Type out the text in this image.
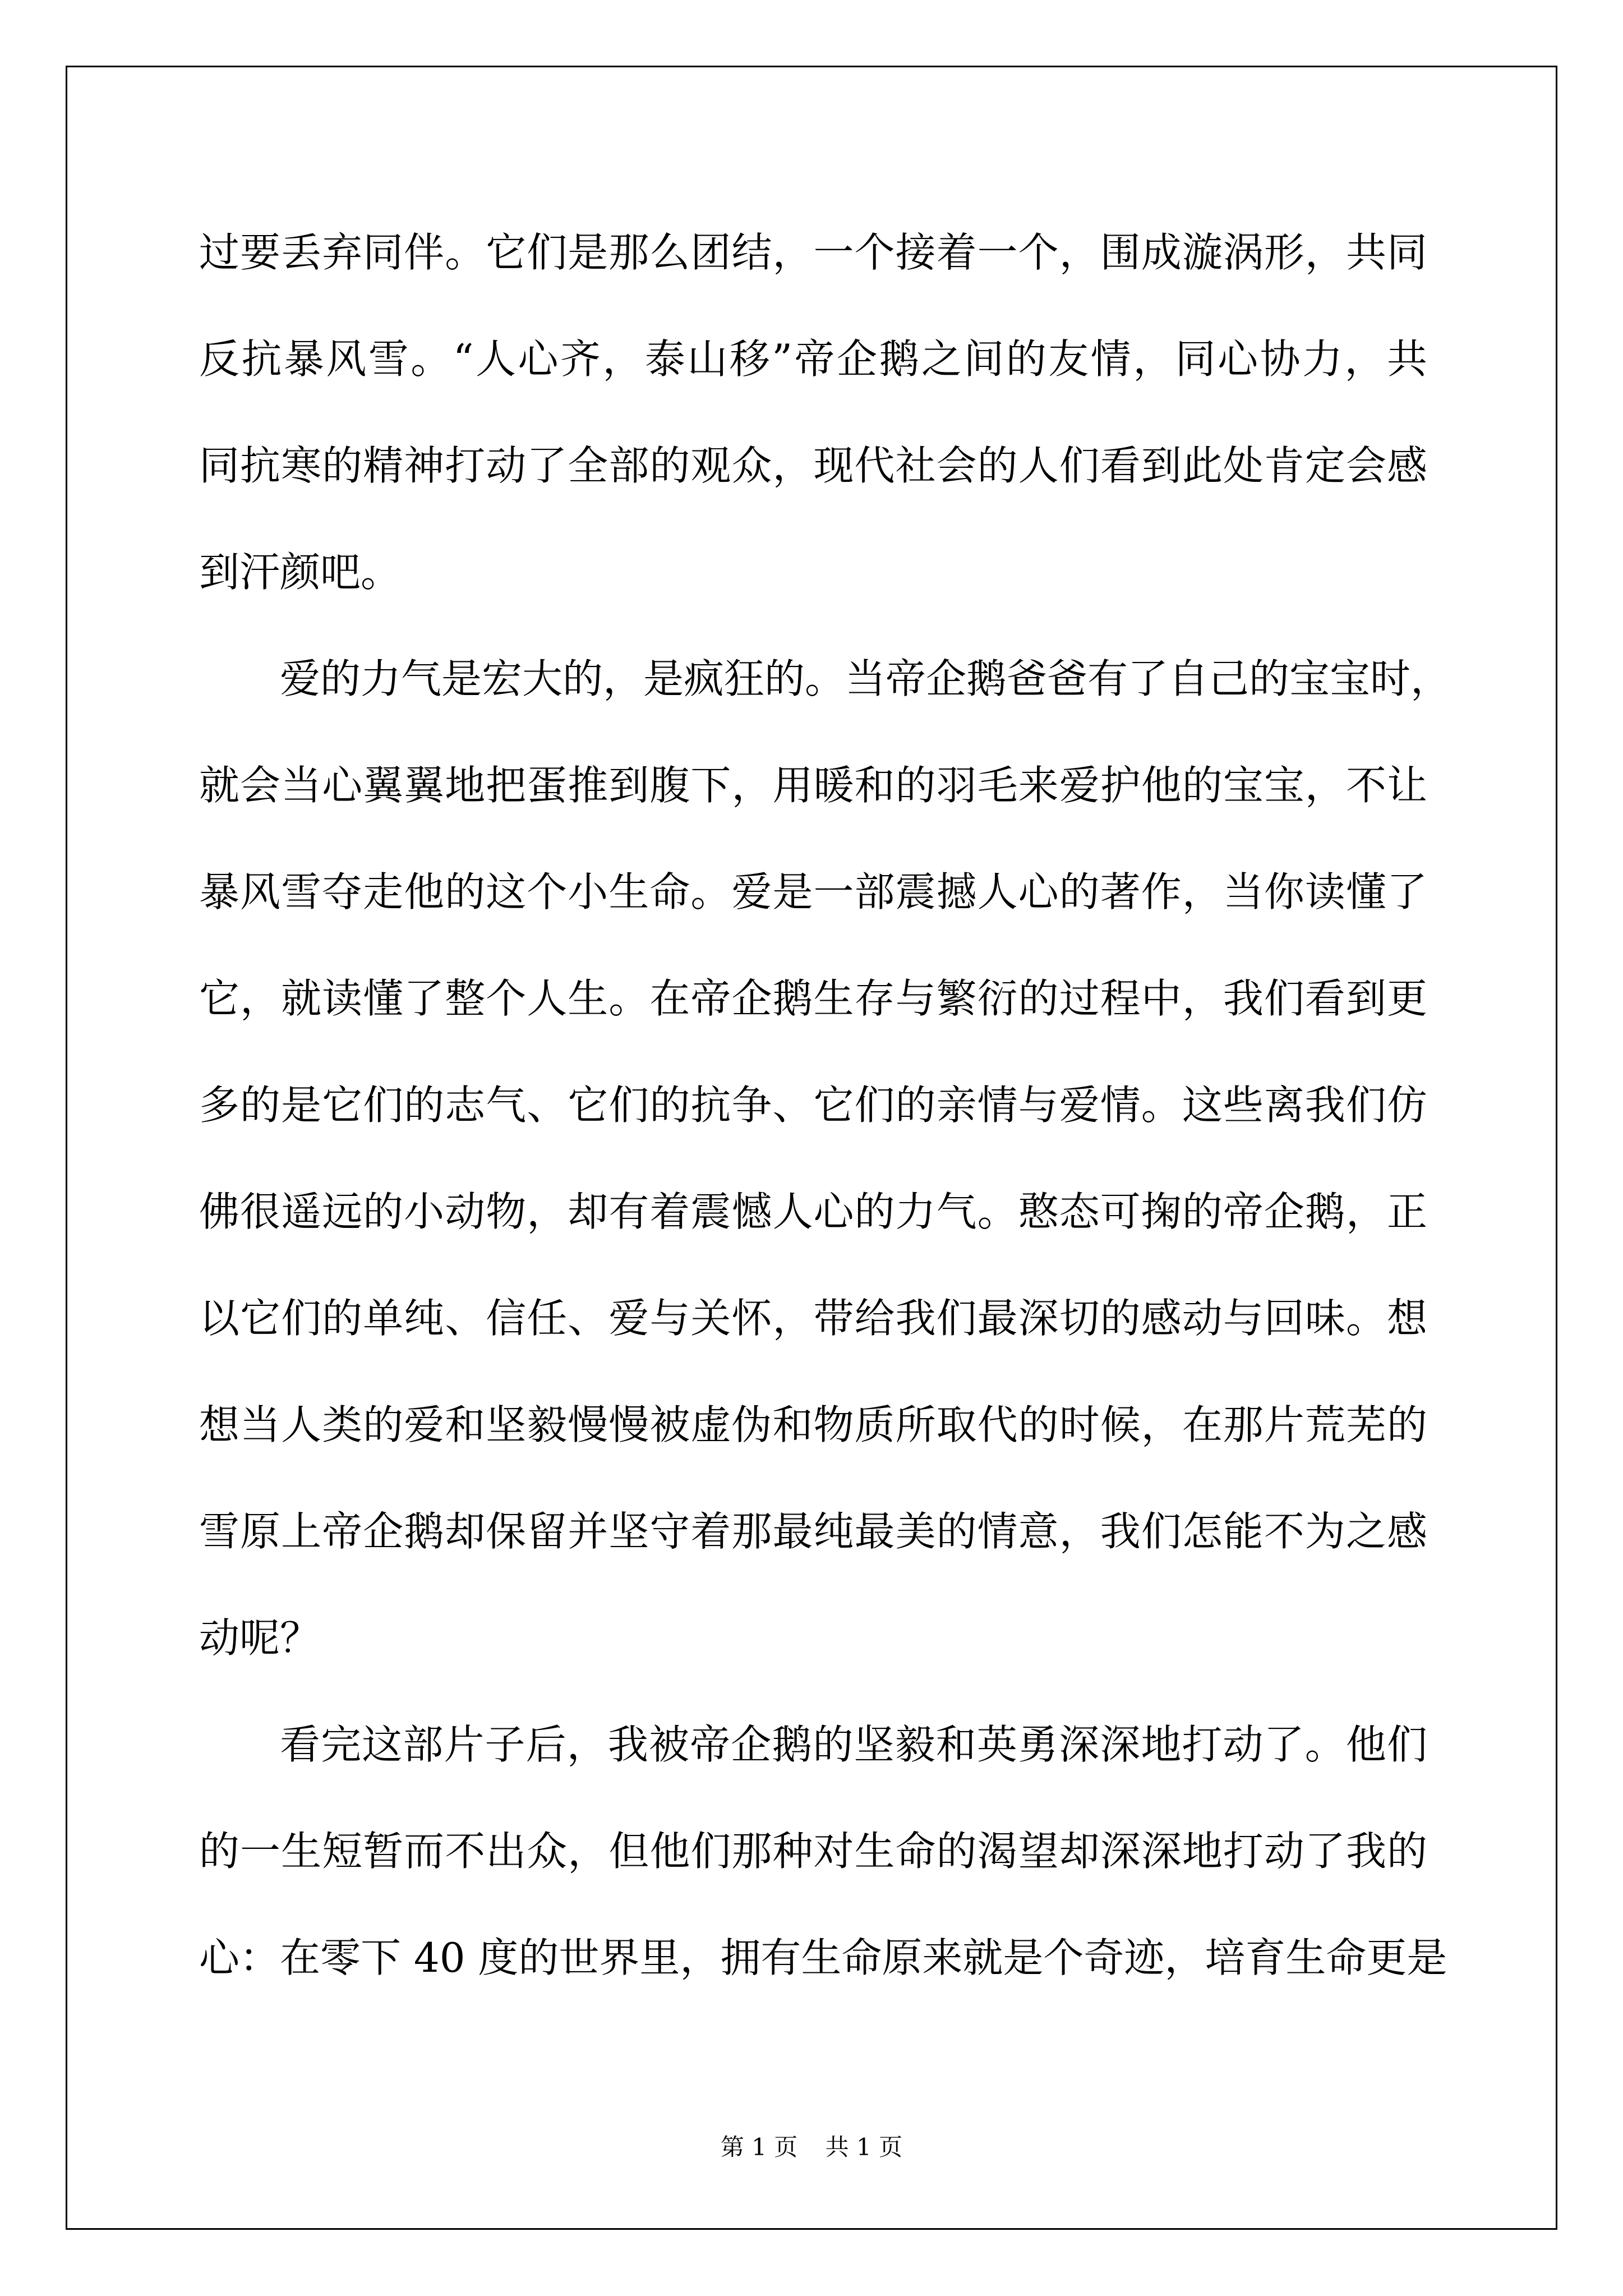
过要丢弃同伴。它们是那么团结，一个接着一个，围成漩涡形，共同
反抗暴风雪。“人心齐，泰山移”帝企鹅之间的友情，同心协力，共
同抗寒的精神打动了全部的观众，现代社会的人们看到此处肯定会感
到汗颜吧。
爱的力气是宏大的，是疯狂的。当帝企鹅爸爸有了自己的宝宝时，
就会当心翼翼地把蛋推到腹下，用暖和的羽毛来爱护他的宝宝，不让
暴风雪夺走他的这个小生命。爱是一部震撼人心的著作，当你读懂了
它，就读懂了整个人生。在帝企鹅生存与繁衍的过程中，我们看到更
多的是它们的志气、它们的抗争、它们的亲情与爱情。这些离我们仿
佛很遥远的小动物，却有着震憾人心的力气。憨态可掬的帝企鹅，正
以它们的单纯、信任、爱与关怀，带给我们最深切的感动与回味。想
想当人类的爱和坚毅慢慢被虚伪和物质所取代的时候，在那片荒芜的
雪原上帝企鹅却保留并坚守着那最纯最美的情意，我们怎能不为之感
动呢？
看完这部片子后，我被帝企鹅的坚毅和英勇深深地打动了。他们
的一生短暂而不出众，但他们那种对生命的渴望却深深地打动了我的
心：在零下 40 度的世界里，拥有生命原来就是个奇迹，培育生命更是
第 1 页 共 1 页
